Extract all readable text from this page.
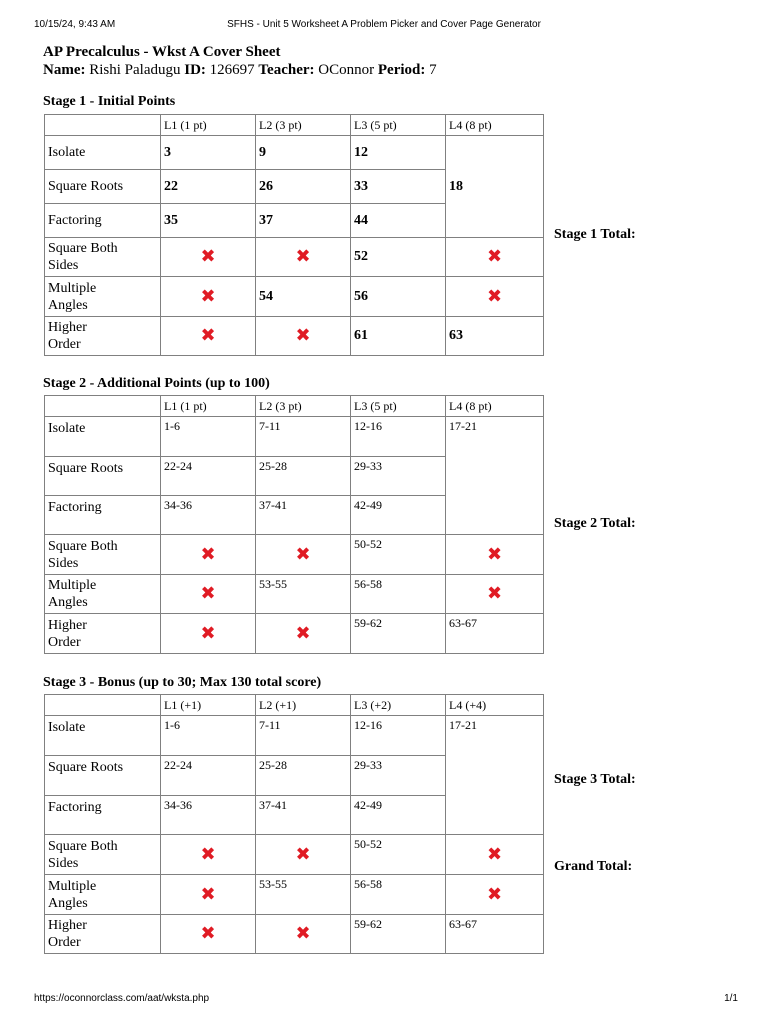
10/15/24, 9:43 AM	SFHS - Unit 5 Worksheet A Problem Picker and Cover Page Generator
https://oconnorclass.com/aat/wksta.php	1/1
AP Precalculus - Wkst A Cover Sheet
Name: Rishi Paladugu ID: 126697 Teacher: OConnor Period: 7
Stage 1 - Initial Points
	L1 (1 pt)	L2 (3 pt)	L3 (5 pt)	L4 (8 pt)
Isolate	3	9	12	18
Square Roots	22	26	33	
Factoring	35	37	44	
Square Both
Sides	✖	✖	52	✖
Multiple
Angles	✖	54	56	✖
Higher
Order	✖	✖	61	63
Stage 1 Total:
Stage 2 - Additional Points (up to 100)
	L1 (1 pt)	L2 (3 pt)	L3 (5 pt)	L4 (8 pt)
Isolate	1-6	7-11	12-16	17-21
Square Roots	22-24	25-28	29-33	
Factoring	34-36	37-41	42-49	
Square Both
Sides	✖	✖	50-52	✖
Multiple
Angles	✖	53-55	56-58	✖
Higher
Order	✖	✖	59-62	63-67
Stage 2 Total:
Stage 3 - Bonus (up to 30; Max 130 total score)
	L1 (+1)	L2 (+1)	L3 (+2)	L4 (+4)
Isolate	1-6	7-11	12-16	17-21
Square Roots	22-24	25-28	29-33	
Factoring	34-36	37-41	42-49	
Square Both
Sides	✖	✖	50-52	✖
Multiple
Angles	✖	53-55	56-58	✖
Higher
Order	✖	✖	59-62	63-67
Stage 3 Total:
Grand Total:
